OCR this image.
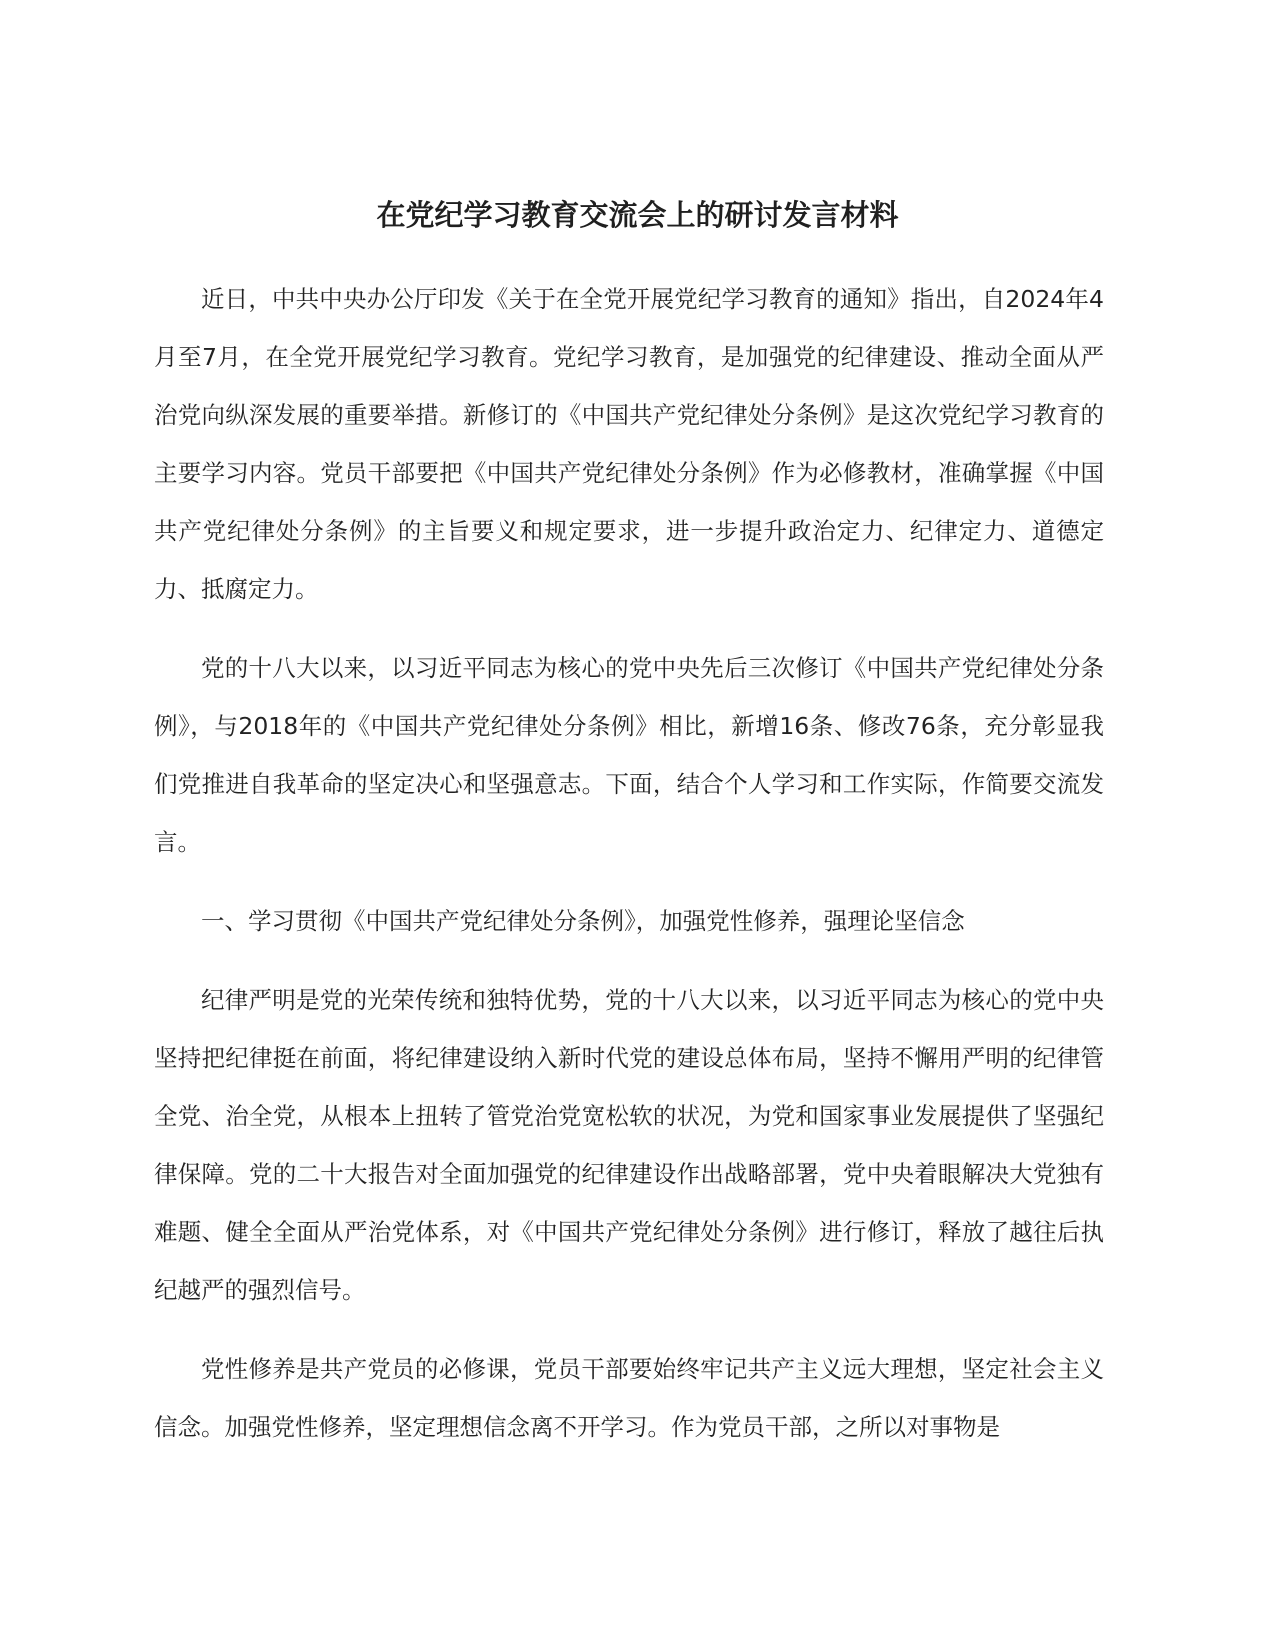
在党纪学习教育交流会上的研讨发言材料

近日，中共中央办公厅印发《关于在全党开展党纪学习教育的通知》指出，自2024年4月至7月，在全党开展党纪学习教育。党纪学习教育，是加强党的纪律建设、推动全面从严治党向纵深发展的重要举措。新修订的《中国共产党纪律处分条例》是这次党纪学习教育的主要学习内容。党员干部要把《中国共产党纪律处分条例》作为必修教材，准确掌握《中国共产党纪律处分条例》的主旨要义和规定要求，进一步提升政治定力、纪律定力、道德定力、抵腐定力。

党的十八大以来，以习近平同志为核心的党中央先后三次修订《中国共产党纪律处分条例》，与2018年的《中国共产党纪律处分条例》相比，新增16条、修改76条，充分彰显我们党推进自我革命的坚定决心和坚强意志。下面，结合个人学习和工作实际，作简要交流发言。

一、学习贯彻《中国共产党纪律处分条例》，加强党性修养，强理论坚信念

纪律严明是党的光荣传统和独特优势，党的十八大以来，以习近平同志为核心的党中央坚持把纪律挺在前面，将纪律建设纳入新时代党的建设总体布局，坚持不懈用严明的纪律管全党、治全党，从根本上扭转了管党治党宽松软的状况，为党和国家事业发展提供了坚强纪律保障。党的二十大报告对全面加强党的纪律建设作出战略部署，党中央着眼解决大党独有难题、健全全面从严治党体系，对《中国共产党纪律处分条例》进行修订，释放了越往后执纪越严的强烈信号。

党性修养是共产党员的必修课，党员干部要始终牢记共产主义远大理想，坚定社会主义信念。加强党性修养，坚定理想信念离不开学习。作为党员干部，之所以对事物是
